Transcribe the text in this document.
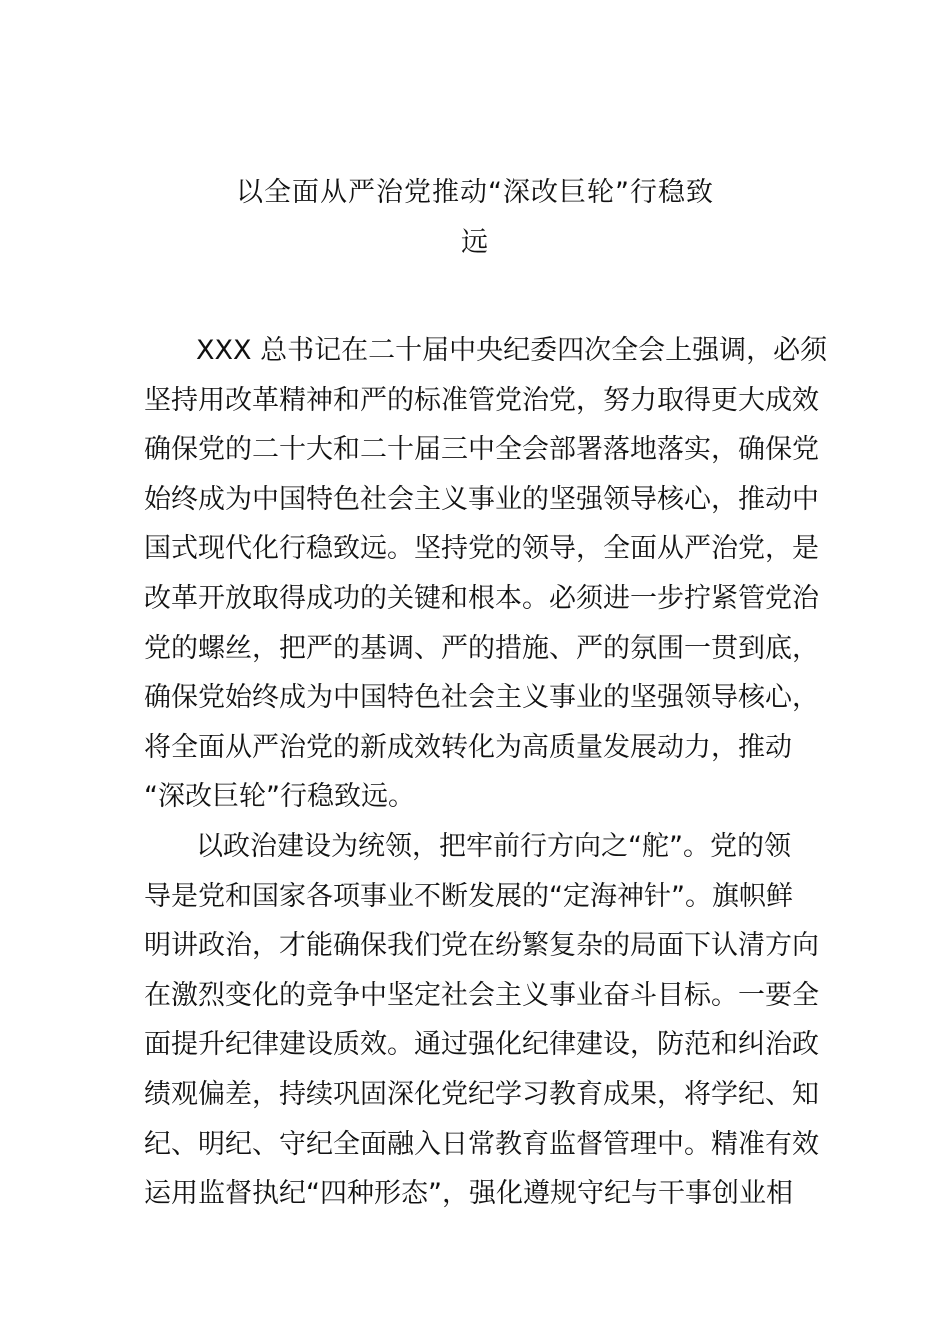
以全面从严治党推动“深改巨轮”行稳致
远
XXX 总书记在二十届中央纪委四次全会上强调，必须
坚持用改革精神和严的标准管党治党，努力取得更大成效
确保党的二十大和二十届三中全会部署落地落实，确保党
始终成为中国特色社会主义事业的坚强领导核心，推动中
国式现代化行稳致远。坚持党的领导，全面从严治党，是
改革开放取得成功的关键和根本。必须进一步拧紧管党治
党的螺丝，把严的基调、严的措施、严的氛围一贯到底，
确保党始终成为中国特色社会主义事业的坚强领导核心，
将全面从严治党的新成效转化为高质量发展动力，推动
“深改巨轮”行稳致远。
以政治建设为统领，把牢前行方向之“舵”。党的领
导是党和国家各项事业不断发展的“定海神针”。旗帜鲜
明讲政治，才能确保我们党在纷繁复杂的局面下认清方向
在激烈变化的竞争中坚定社会主义事业奋斗目标。一要全
面提升纪律建设质效。通过强化纪律建设，防范和纠治政
绩观偏差，持续巩固深化党纪学习教育成果，将学纪、知
纪、明纪、守纪全面融入日常教育监督管理中。精准有效
运用监督执纪“四种形态”，强化遵规守纪与干事创业相
